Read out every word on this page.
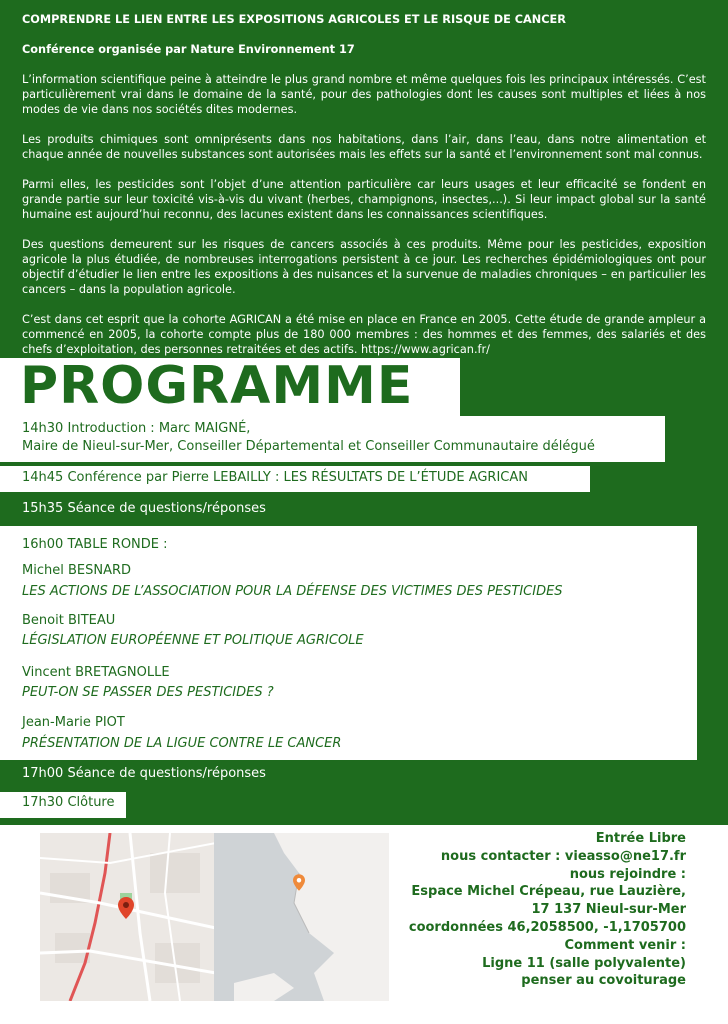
COMPRENDRE LE LIEN ENTRE LES EXPOSITIONS AGRICOLES ET LE RISQUE DE CANCER

Conférence organisée par Nature Environnement 17

L’information scientifique peine à atteindre le plus grand nombre et même quelques fois les principaux intéressés. C’est particulièrement vrai dans le domaine de la santé, pour des pathologies dont les causes sont multiples et liées à nos modes de vie dans nos sociétés dites modernes.

Les produits chimiques sont omniprésents dans nos habitations, dans l’air, dans l’eau, dans notre alimentation et chaque année de nouvelles substances sont autorisées mais les effets sur la santé et l’environnement sont mal connus.

Parmi elles, les pesticides sont l’objet d’une attention particulière car leurs usages et leur efficacité se fondent en grande partie sur leur toxicité vis-à-vis du vivant (herbes, champignons, insectes,...). Si leur impact global sur la santé humaine est aujourd’hui reconnu, des lacunes existent dans les connaissances scientifiques.

Des questions demeurent sur les risques de cancers associés à ces produits. Même pour les pesticides, exposition agricole la plus étudiée, de nombreuses interrogations persistent à ce jour. Les recherches épidémiologiques ont pour objectif d’étudier le lien entre les expositions à des nuisances et la survenue de maladies chroniques – en particulier les cancers – dans la population agricole.

C’est dans cet esprit que la cohorte AGRICAN a été mise en place en France en 2005. Cette étude de grande ampleur a commencé en 2005, la cohorte compte plus de 180 000 membres : des hommes et des femmes, des salariés et des chefs d’exploitation, des personnes retraitées et des actifs. https://www.agrican.fr/

PROGRAMME
14h30 Introduction : Marc MAIGNÉ,
Maire de Nieul-sur-Mer, Conseiller Départemental et Conseiller Communautaire délégué
14h45 Conférence par Pierre LEBAILLY : LES RÉSULTATS DE L’ÉTUDE AGRICAN
15h35 Séance de questions/réponses
16h00 TABLE RONDE :
Michel BESNARD
LES ACTIONS DE L’ASSOCIATION POUR LA DÉFENSE DES VICTIMES DES PESTICIDES
Benoit BITEAU
LÉGISLATION EUROPÉENNE ET POLITIQUE AGRICOLE
Vincent BRETAGNOLLE
PEUT-ON SE PASSER DES PESTICIDES ?
Jean-Marie PIOT
PRÉSENTATION DE LA LIGUE CONTRE LE CANCER
17h00 Séance de questions/réponses
17h30 Clôture
Entrée Libre
nous contacter : vieasso@ne17.fr
nous rejoindre :
Espace Michel Crépeau, rue Lauzière,
17 137 Nieul-sur-Mer
coordonnées 46,2058500, -1,1705700
Comment venir :
Ligne 11 (salle polyvalente)
penser au covoiturage
